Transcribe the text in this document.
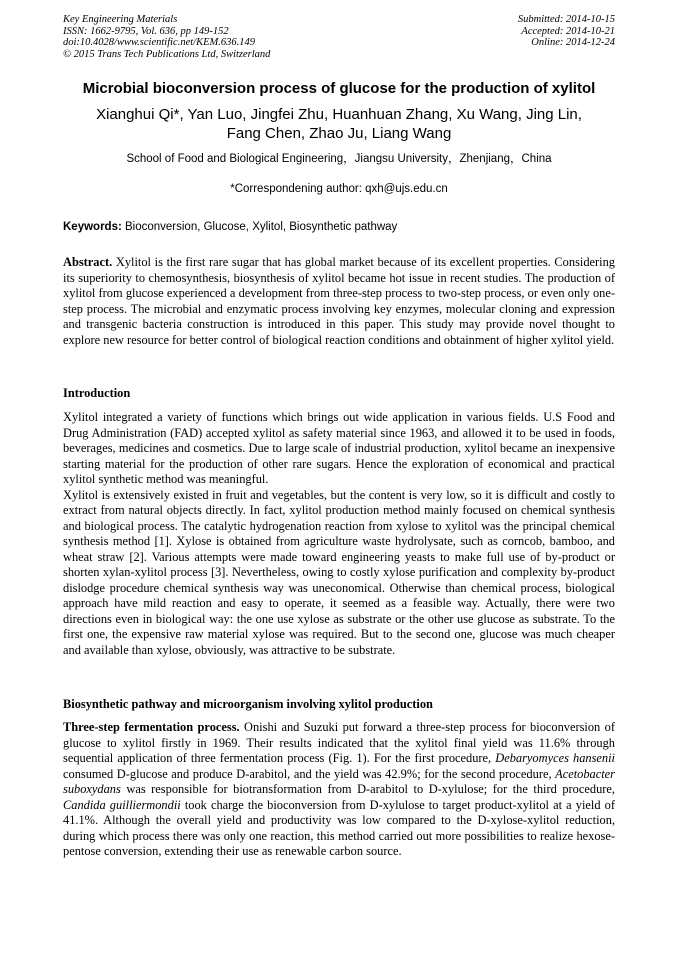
Key Engineering Materials
ISSN: 1662-9795, Vol. 636, pp 149-152
doi:10.4028/www.scientific.net/KEM.636.149
© 2015 Trans Tech Publications Ltd, Switzerland
Submitted: 2014-10-15
Accepted: 2014-10-21
Online: 2014-12-24
Microbial bioconversion process of glucose for the production of xylitol
Xianghui Qi*, Yan Luo, Jingfei Zhu, Huanhuan Zhang, Xu Wang, Jing Lin,
Fang Chen, Zhao Ju, Liang Wang
School of Food and Biological Engineering，Jiangsu University，Zhenjiang，China
*Correspondening author: qxh@ujs.edu.cn
Keywords: Bioconversion, Glucose, Xylitol, Biosynthetic pathway
Abstract. Xylitol is the first rare sugar that has global market because of its excellent properties. Considering its superiority to chemosynthesis, biosynthesis of xylitol became hot issue in recent studies. The production of xylitol from glucose experienced a development from three-step process to two-step process, or even only one-step process. The microbial and enzymatic process involving key enzymes, molecular cloning and expression and transgenic bacteria construction is introduced in this paper. This study may provide novel thought to explore new resource for better control of biological reaction conditions and obtainment of higher xylitol yield.
Introduction

Xylitol integrated a variety of functions which brings out wide application in various fields. U.S Food and Drug Administration (FAD) accepted xylitol as safety material since 1963, and allowed it to be used in foods, beverages, medicines and cosmetics. Due to large scale of industrial production, xylitol became an inexpensive starting material for the production of other rare sugars. Hence the exploration of economical and practical xylitol synthetic method was meaningful.

Xylitol is extensively existed in fruit and vegetables, but the content is very low, so it is difficult and costly to extract from natural objects directly. In fact, xylitol production method mainly focused on chemical synthesis and biological process. The catalytic hydrogenation reaction from xylose to xylitol was the principal chemical synthesis method [1]. Xylose is obtained from agriculture waste hydrolysate, such as corncob, bamboo, and wheat straw [2]. Various attempts were made toward engineering yeasts to make full use of by-product or shorten xylan-xylitol process [3]. Nevertheless, owing to costly xylose purification and complexity by-product dislodge procedure chemical synthesis way was uneconomical. Otherwise than chemical process, biological approach have mild reaction and easy to operate, it seemed as a feasible way. Actually, there were two directions even in biological way: the one use xylose as substrate or the other use glucose as substrate. To the first one, the expensive raw material xylose was required. But to the second one, glucose was much cheaper and available than xylose, obviously, was attractive to be substrate.

Biosynthetic pathway and microorganism involving xylitol production

Three-step fermentation process. Onishi and Suzuki put forward a three-step process for bioconversion of glucose to xylitol firstly in 1969. Their results indicated that the xylitol final yield was 11.6% through sequential application of three fermentation process (Fig. 1). For the first procedure, Debaryomyces hansenii consumed D-glucose and produce D-arabitol, and the yield was 42.9%; for the second procedure, Acetobacter suboxydans was responsible for biotransformation from D-arabitol to D-xylulose; for the third procedure, Candida guilliermondii took charge the bioconversion from D-xylulose to target product-xylitol at a yield of 41.1%. Although the overall yield and productivity was low compared to the D-xylose-xylitol reduction, during which process there was only one reaction, this method carried out more possibilities to realize hexose-pentose conversion, extending their use as renewable carbon source.
